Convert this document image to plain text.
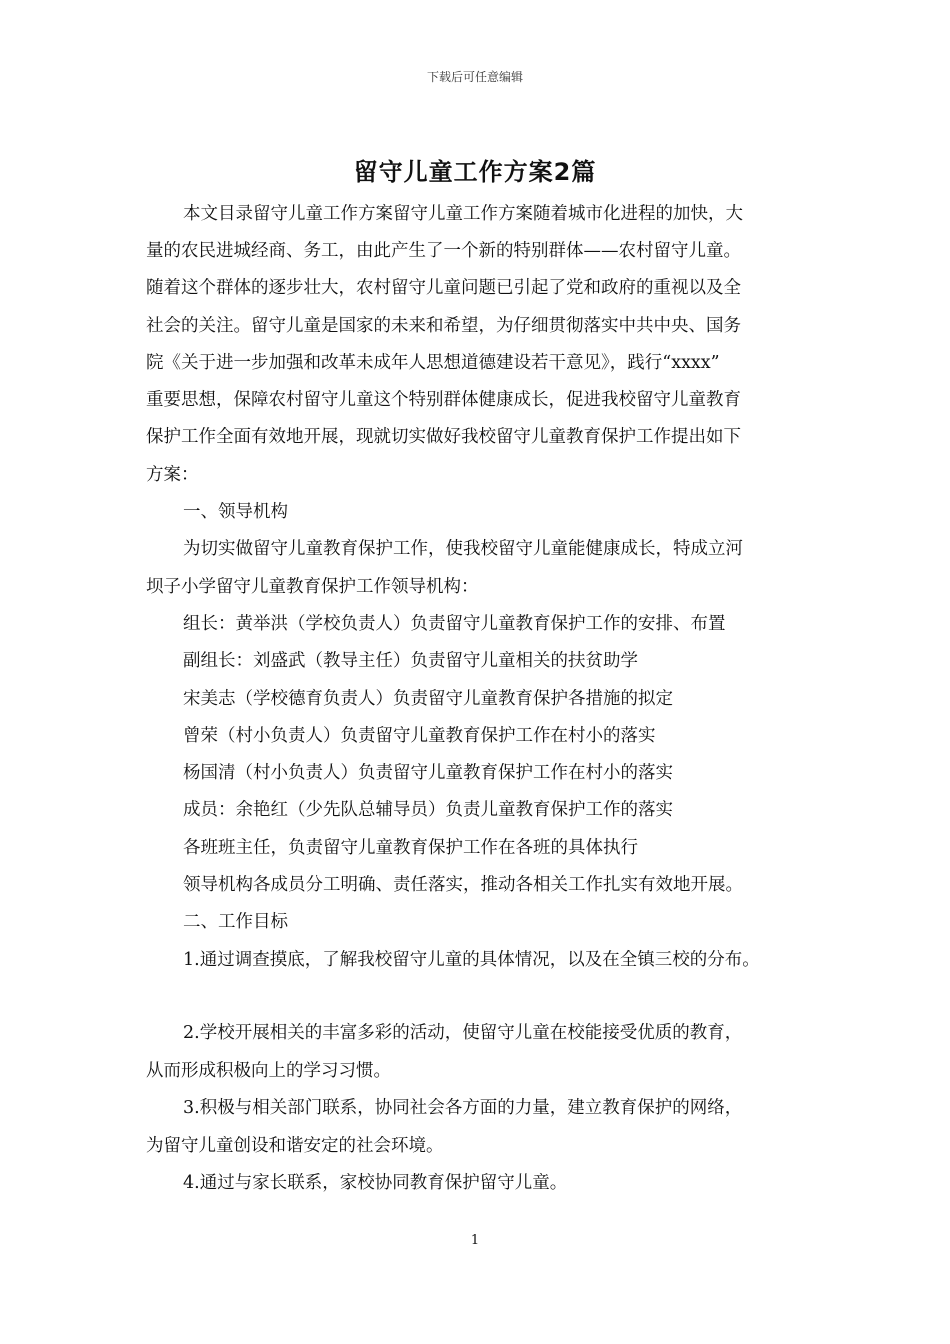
下载后可任意编辑
留守儿童工作方案2篇
本文目录留守儿童工作方案留守儿童工作方案随着城市化进程的加快，大
量的农民进城经商、务工，由此产生了一个新的特别群体——农村留守儿童。
随着这个群体的逐步壮大，农村留守儿童问题已引起了党和政府的重视以及全
社会的关注。留守儿童是国家的未来和希望，为仔细贯彻落实中共中央、国务
院《关于进一步加强和改革未成年人思想道德建设若干意见》，践行“xxxx”
重要思想，保障农村留守儿童这个特别群体健康成长，促进我校留守儿童教育
保护工作全面有效地开展，现就切实做好我校留守儿童教育保护工作提出如下
方案：
一、领导机构
为切实做留守儿童教育保护工作，使我校留守儿童能健康成长，特成立河
坝子小学留守儿童教育保护工作领导机构：
组长：黄举洪（学校负责人）负责留守儿童教育保护工作的安排、布置
副组长：刘盛武（教导主任）负责留守儿童相关的扶贫助学
宋美志（学校德育负责人）负责留守儿童教育保护各措施的拟定
曾荣（村小负责人）负责留守儿童教育保护工作在村小的落实
杨国清（村小负责人）负责留守儿童教育保护工作在村小的落实
成员：余艳红（少先队总辅导员）负责儿童教育保护工作的落实
各班班主任，负责留守儿童教育保护工作在各班的具体执行
领导机构各成员分工明确、责任落实，推动各相关工作扎实有效地开展。
二、工作目标
1.通过调查摸底，了解我校留守儿童的具体情况，以及在全镇三校的分布。
2.学校开展相关的丰富多彩的活动，使留守儿童在校能接受优质的教育，
从而形成积极向上的学习习惯。
3.积极与相关部门联系，协同社会各方面的力量，建立教育保护的网络，
为留守儿童创设和谐安定的社会环境。
4.通过与家长联系，家校协同教育保护留守儿童。
1
